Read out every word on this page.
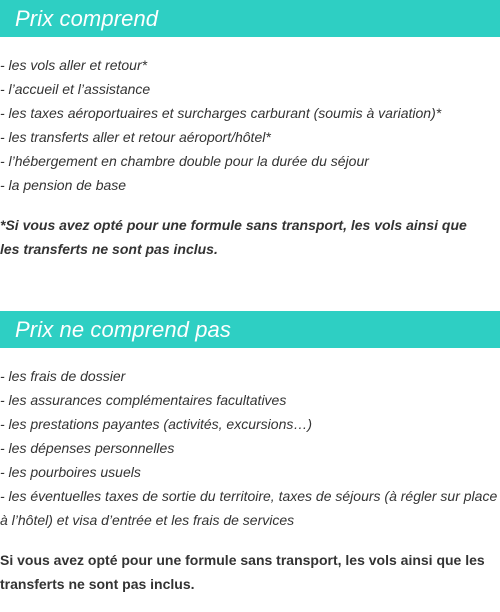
Prix comprend
- les vols aller et retour*
- l’accueil et l’assistance
- les taxes aéroportuaires et surcharges carburant (soumis à variation)*
- les transferts aller et retour aéroport/hôtel*
- l’hébergement en chambre double pour la durée du séjour
- la pension de base

*Si vous avez opté pour une formule sans transport, les vols ainsi que les transferts ne sont pas inclus.

Prix ne comprend pas
- les frais de dossier
- les assurances complémentaires facultatives
- les prestations payantes (activités, excursions…)
- les dépenses personnelles
- les pourboires usuels
- les éventuelles taxes de sortie du territoire, taxes de séjours (à régler sur place à l’hôtel) et visa d’entrée et les frais de services

Si vous avez opté pour une formule sans transport, les vols ainsi que les transferts ne sont pas inclus.
